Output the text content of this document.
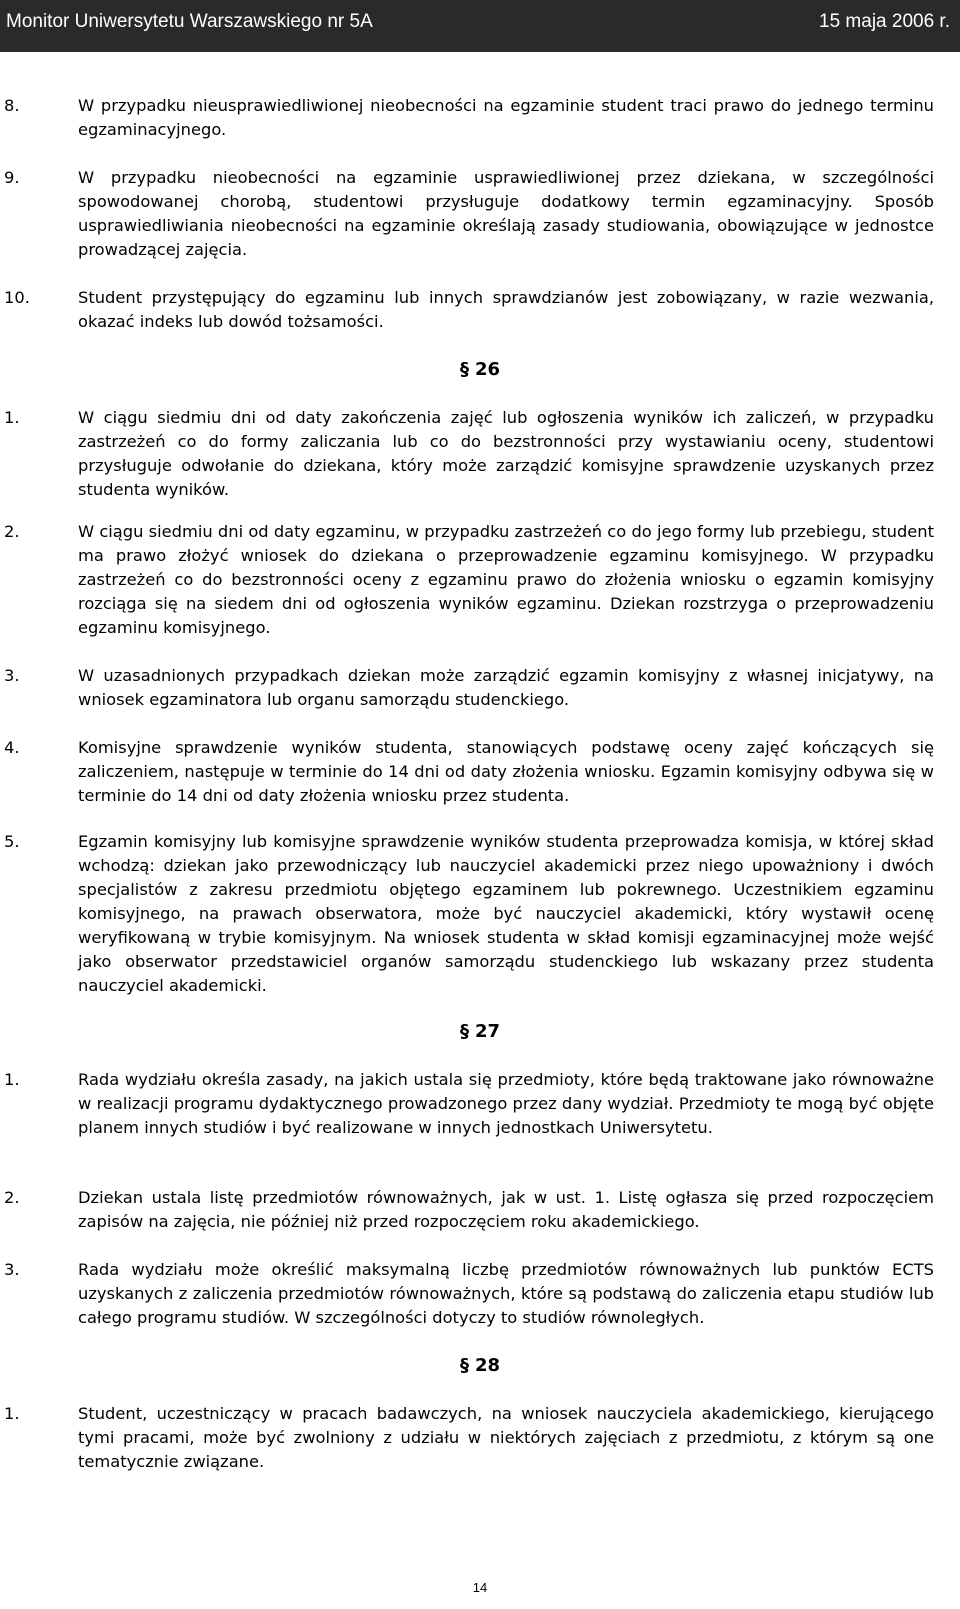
Monitor Uniwersytetu Warszawskiego nr 5A	15 maja 2006 r.
8.	W przypadku nieusprawiedliwionej nieobecności na egzaminie student traci prawo do jednego terminu egzaminacyjnego.
9.	W przypadku nieobecności na egzaminie usprawiedliwionej przez dziekana, w szczególności spowodowanej chorobą, studentowi przysługuje dodatkowy termin egzaminacyjny. Sposób usprawiedliwiania nieobecności na egzaminie określają zasady studiowania, obowiązujące w jednostce prowadzącej zajęcia.
10.	Student przystępujący do egzaminu lub innych sprawdzianów jest zobowiązany, w razie wezwania, okazać indeks lub dowód tożsamości.
§ 26
1.	W ciągu siedmiu dni od daty zakończenia zajęć lub ogłoszenia wyników ich zaliczeń, w przypadku zastrzeżeń co do formy zaliczania lub co do bezstronności przy wystawianiu oceny, studentowi przysługuje odwołanie do dziekana, który może zarządzić komisyjne sprawdzenie uzyskanych przez studenta wyników.
2.	W ciągu siedmiu dni od daty egzaminu, w przypadku zastrzeżeń co do jego formy lub przebiegu, student ma prawo złożyć wniosek do dziekana o przeprowadzenie egzaminu komisyjnego. W przypadku zastrzeżeń co do bezstronności oceny z egzaminu prawo do złożenia wniosku o egzamin komisyjny rozciąga się na siedem dni od ogłoszenia wyników egzaminu. Dziekan rozstrzyga o przeprowadzeniu egzaminu komisyjnego.
3.	W uzasadnionych przypadkach dziekan może zarządzić egzamin komisyjny z własnej inicjatywy, na wniosek egzaminatora lub organu samorządu studenckiego.
4.	Komisyjne sprawdzenie wyników studenta, stanowiących podstawę oceny zajęć kończących się zaliczeniem, następuje w terminie do 14 dni od daty złożenia wniosku. Egzamin komisyjny odbywa się w terminie do 14 dni od daty złożenia wniosku przez studenta.
5.	Egzamin komisyjny lub komisyjne sprawdzenie wyników studenta przeprowadza komisja, w której skład wchodzą: dziekan jako przewodniczący lub nauczyciel akademicki przez niego upoważniony i dwóch specjalistów z zakresu przedmiotu objętego egzaminem lub pokrewnego. Uczestnikiem egzaminu komisyjnego, na prawach obserwatora, może być nauczyciel akademicki, który wystawił ocenę weryfikowaną w trybie komisyjnym. Na wniosek studenta w skład komisji egzaminacyjnej może wejść jako obserwator przedstawiciel organów samorządu studenckiego lub wskazany przez studenta nauczyciel akademicki.
§ 27
1.	Rada wydziału określa zasady, na jakich ustala się przedmioty, które będą traktowane jako równoważne w realizacji programu dydaktycznego prowadzonego przez dany wydział. Przedmioty te mogą być objęte planem innych studiów i być realizowane w innych jednostkach Uniwersytetu.
2.	Dziekan ustala listę przedmiotów równoważnych, jak w ust. 1. Listę ogłasza się przed rozpoczęciem zapisów na zajęcia, nie później niż przed rozpoczęciem roku akademickiego.
3.	Rada wydziału może określić maksymalną liczbę przedmiotów równoważnych lub punktów ECTS uzyskanych z zaliczenia przedmiotów równoważnych, które są podstawą do zaliczenia etapu studiów lub całego programu studiów. W szczególności dotyczy to studiów równoległych.
§ 28
1.	Student, uczestniczący w pracach badawczych, na wniosek nauczyciela akademickiego, kierującego tymi pracami, może być zwolniony z udziału w niektórych zajęciach z przedmiotu, z którym są one tematycznie związane.
14
